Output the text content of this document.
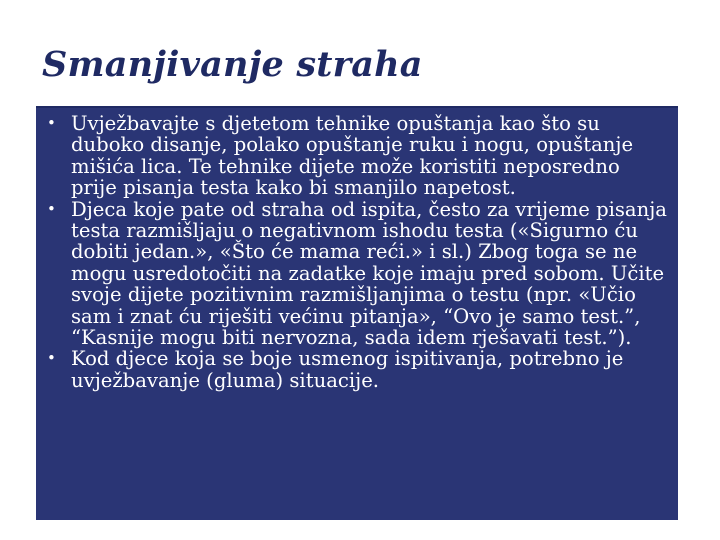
Smanjivanje straha
• Uvježbavajte s djetetom tehnike opuštanja kao što su duboko disanje, polako opuštanje ruku i nogu, opuštanje mišića lica. Te tehnike dijete može koristiti neposredno prije pisanja testa kako bi smanjilo napetost.
• Djeca koje pate od straha od ispita, često za vrijeme pisanja testa razmišljaju o negativnom ishodu testa («Sigurno ću dobiti jedan.», «Što će mama reći.» i sl.) Zbog toga se ne mogu usredotočiti na zadatke koje imaju pred sobom. Učite svoje dijete pozitivnim razmišljanjima o testu (npr. «Učio sam i znat ću riješiti većinu pitanja», “Ovo je samo test.”, “Kasnije mogu biti nervozna, sada idem rješavati test.”).
• Kod djece koja se boje usmenog ispitivanja, potrebno je uvježbavanje (gluma) situacije.
